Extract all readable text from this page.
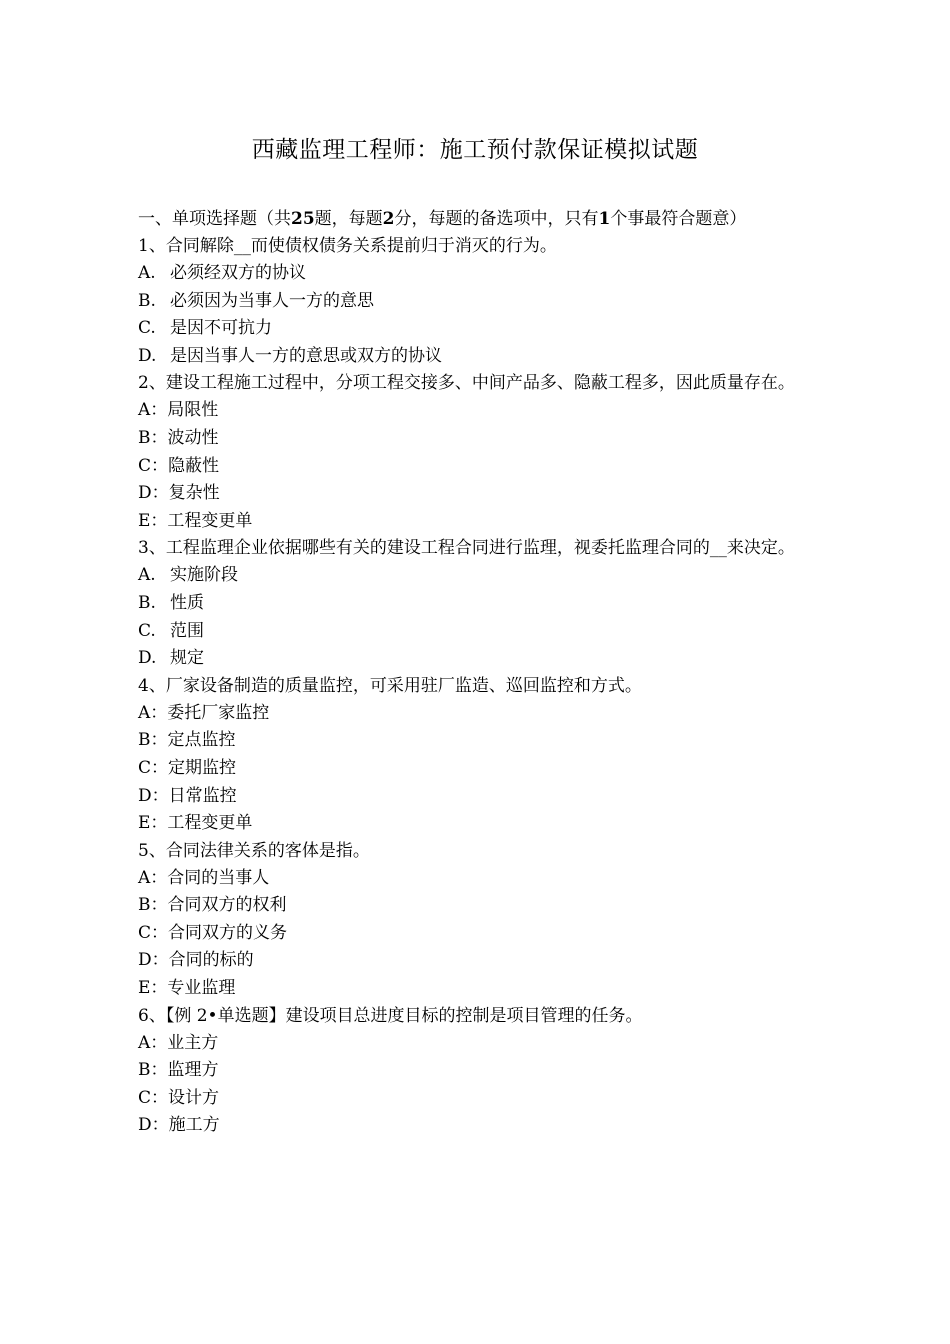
西藏监理工程师：施工预付款保证模拟试题

一、单项选择题（共25题，每题2分，每题的备选项中，只有1个事最符合题意）

1、合同解除__而使债权债务关系提前归于消灭的行为。

A. 必须经双方的协议

B. 必须因为当事人一方的意思

C. 是因不可抗力

D. 是因当事人一方的意思或双方的协议

2、建设工程施工过程中，分项工程交接多、中间产品多、隐蔽工程多，因此质量存在。

A：局限性

B：波动性

C：隐蔽性

D：复杂性

E：工程变更单

3、工程监理企业依据哪些有关的建设工程合同进行监理，视委托监理合同的__来决定。

A. 实施阶段

B. 性质

C. 范围

D. 规定

4、厂家设备制造的质量监控，可采用驻厂监造、巡回监控和方式。

A：委托厂家监控

B：定点监控

C：定期监控

D：日常监控

E：工程变更单

5、合同法律关系的客体是指。

A：合同的当事人

B：合同双方的权利

C：合同双方的义务

D：合同的标的

E：专业监理

6、【例 2•单选题】建设项目总进度目标的控制是项目管理的任务。

A：业主方

B：监理方

C：设计方

D：施工方
